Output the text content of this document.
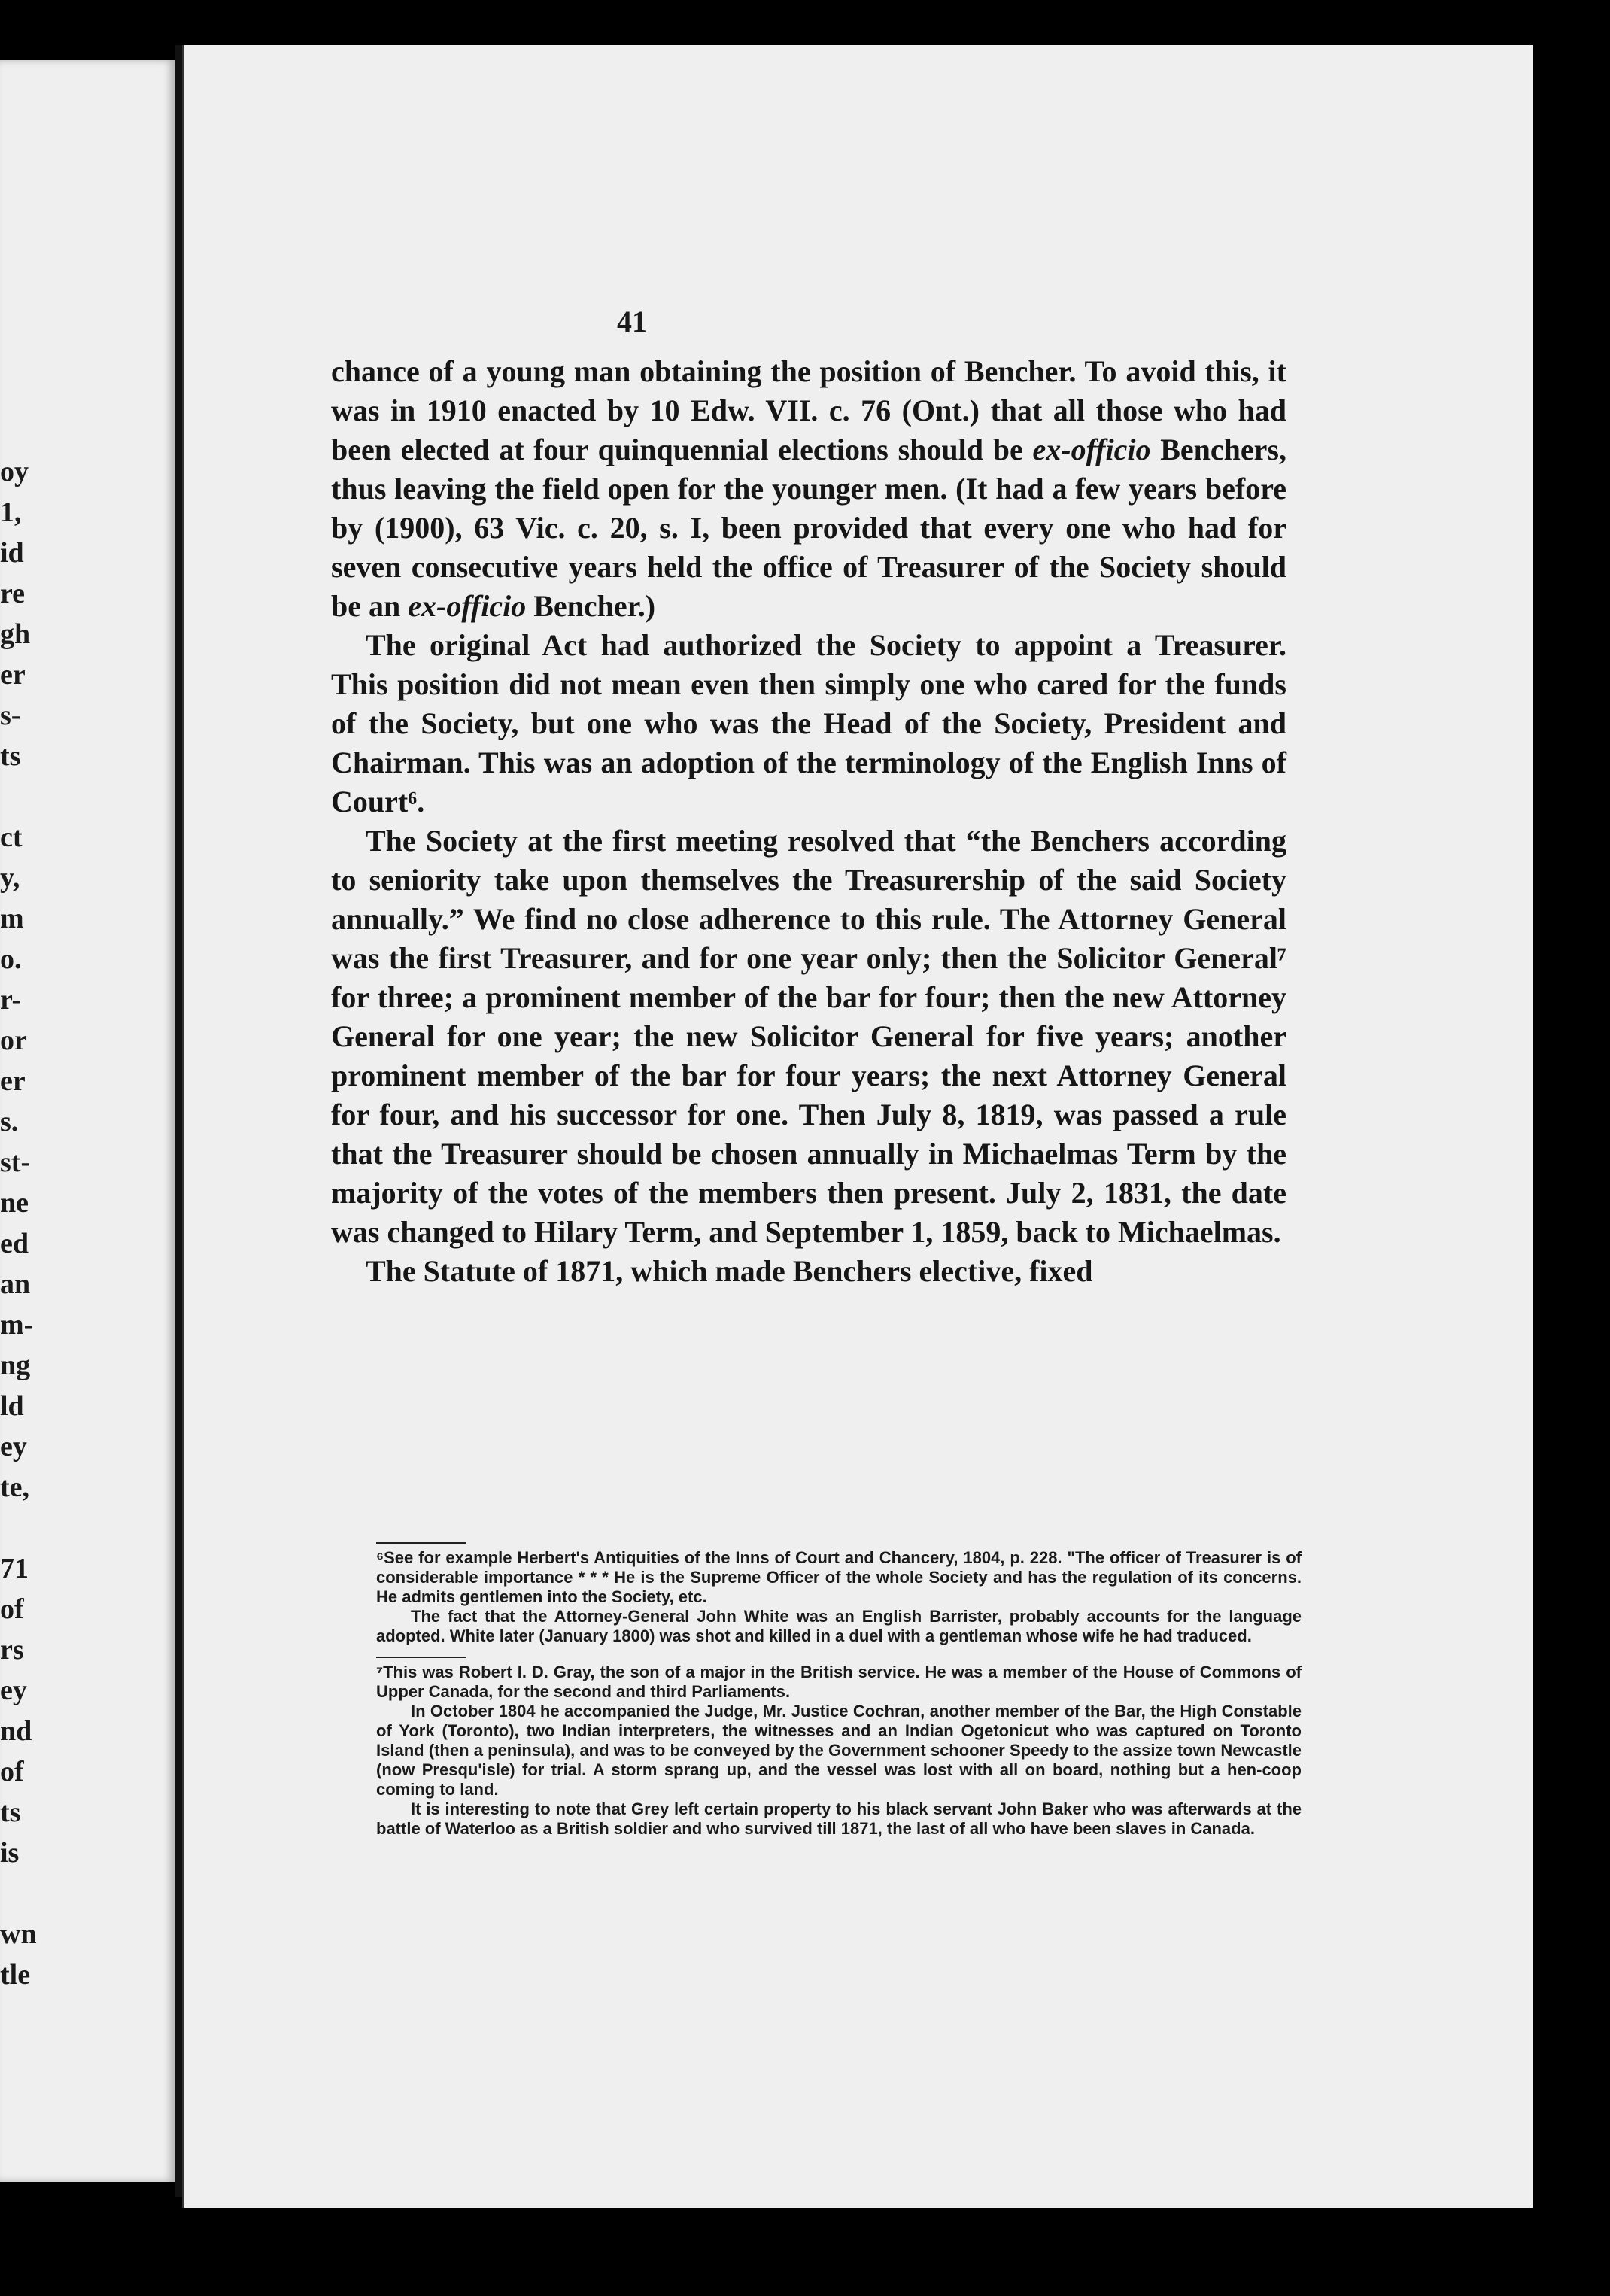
oy
1,
id
re
gh
er
s-
ts
ct
y,
m
o.
r-
or
er
s.
st-
ne
ed
an
m-
ng
ld
ey
te,
71
of
rs
ey
nd
of
ts
is
wn
tle
41

chance of a young man obtaining the position of Bencher. To avoid this, it was in 1910 enacted by 10 Edw. VII. c. 76 (Ont.) that all those who had been elected at four quinquennial elections should be ex-officio Benchers, thus leaving the field open for the younger men. (It had a few years before by (1900), 63 Vic. c. 20, s. I, been provided that every one who had for seven consecutive years held the office of Treasurer of the Society should be an ex-officio Bencher.)

The original Act had authorized the Society to appoint a Treasurer. This position did not mean even then simply one who cared for the funds of the Society, but one who was the Head of the Society, President and Chairman. This was an adoption of the terminology of the English Inns of Court⁶.

The Society at the first meeting resolved that “the Benchers according to seniority take upon themselves the Treasurership of the said Society annually.” We find no close adherence to this rule. The Attorney General was the first Treasurer, and for one year only; then the Solicitor General⁷ for three; a prominent member of the bar for four; then the new Attorney General for one year; the new Solicitor General for five years; another prominent member of the bar for four years; the next Attorney General for four, and his successor for one. Then July 8, 1819, was passed a rule that the Treasurer should be chosen annually in Michaelmas Term by the majority of the votes of the members then present. July 2, 1831, the date was changed to Hilary Term, and September 1, 1859, back to Michaelmas.

The Statute of 1871, which made Benchers elective, fixed

⁶See for example Herbert's Antiquities of the Inns of Court and Chancery, 1804, p. 228. "The officer of Treasurer is of considerable importance * * * He is the Supreme Officer of the whole Society and has the regulation of its concerns. He admits gentlemen into the Society, etc.

The fact that the Attorney-General John White was an English Barrister, probably accounts for the language adopted. White later (January 1800) was shot and killed in a duel with a gentleman whose wife he had traduced.

⁷This was Robert I. D. Gray, the son of a major in the British service. He was a member of the House of Commons of Upper Canada, for the second and third Parliaments.

In October 1804 he accompanied the Judge, Mr. Justice Cochran, another member of the Bar, the High Constable of York (Toronto), two Indian interpreters, the witnesses and an Indian Ogetonicut who was captured on Toronto Island (then a peninsula), and was to be conveyed by the Government schooner Speedy to the assize town Newcastle (now Presqu'isle) for trial. A storm sprang up, and the vessel was lost with all on board, nothing but a hen-coop coming to land.

It is interesting to note that Grey left certain property to his black servant John Baker who was afterwards at the battle of Waterloo as a British soldier and who survived till 1871, the last of all who have been slaves in Canada.
